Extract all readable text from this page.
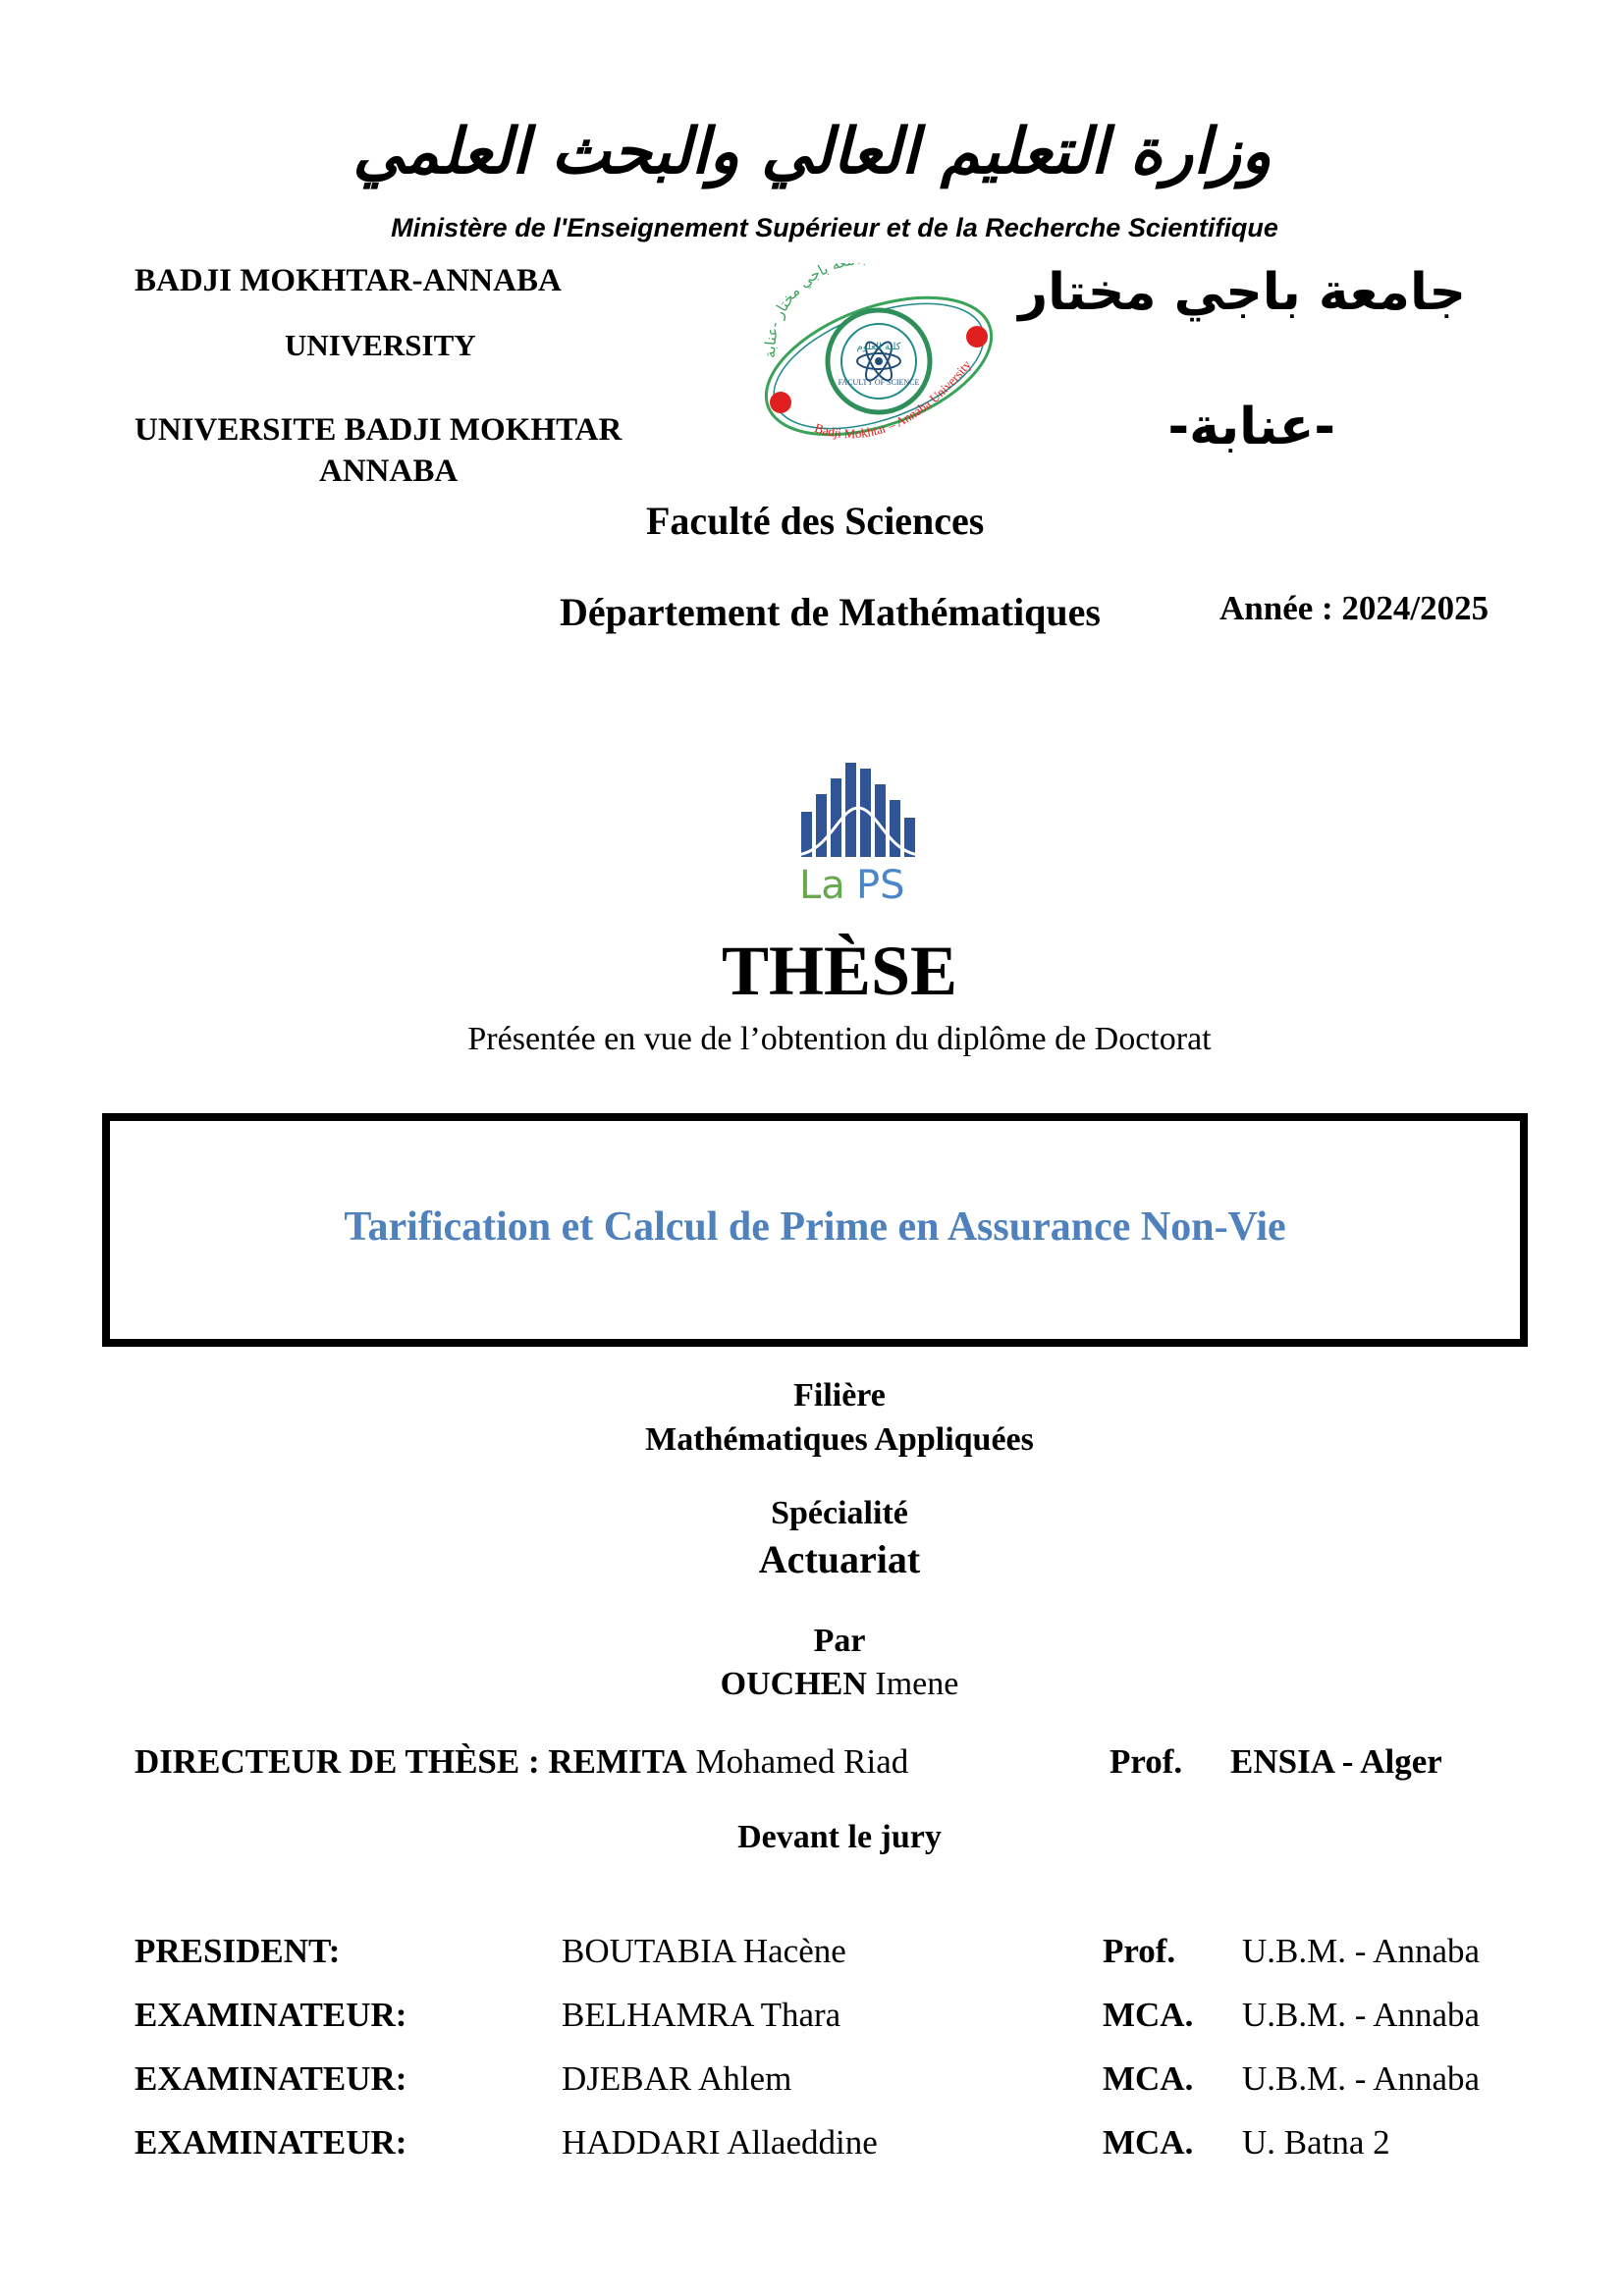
وزارة التعليم العالي والبحث العلمي
Ministère de l'Enseignement Supérieur et de la Recherche Scientifique
BADJI MOKHTAR-ANNABA
UNIVERSITY
UNIVERSITE BADJI MOKHTAR
ANNABA
جامعة باجي مختار
-عنابة-
ة باجي مختار -عنابة
كلية العلوم
FACULTY OF SCIENCE
Badji Mokhtar – Annaba University
Faculté des Sciences
Département de Mathématiques	Année : 2024/2025
La PS
THÈSE
Présentée en vue de l’obtention du diplôme de Doctorat
Tarification et Calcul de Prime en Assurance Non-Vie
Filière
Mathématiques Appliquées
Spécialité
Actuariat
Par
OUCHEN Imene
DIRECTEUR DE THÈSE : REMITA Mohamed Riad	Prof. ENSIA - Alger
Devant le jury
PRESIDENT:	BOUTABIA Hacène	Prof. U.B.M. - Annaba
EXAMINATEUR:	BELHAMRA Thara	MCA. U.B.M. - Annaba
EXAMINATEUR:	DJEBAR Ahlem	MCA. U.B.M. - Annaba
EXAMINATEUR:	HADDARI Allaeddine	MCA. U. Batna 2
